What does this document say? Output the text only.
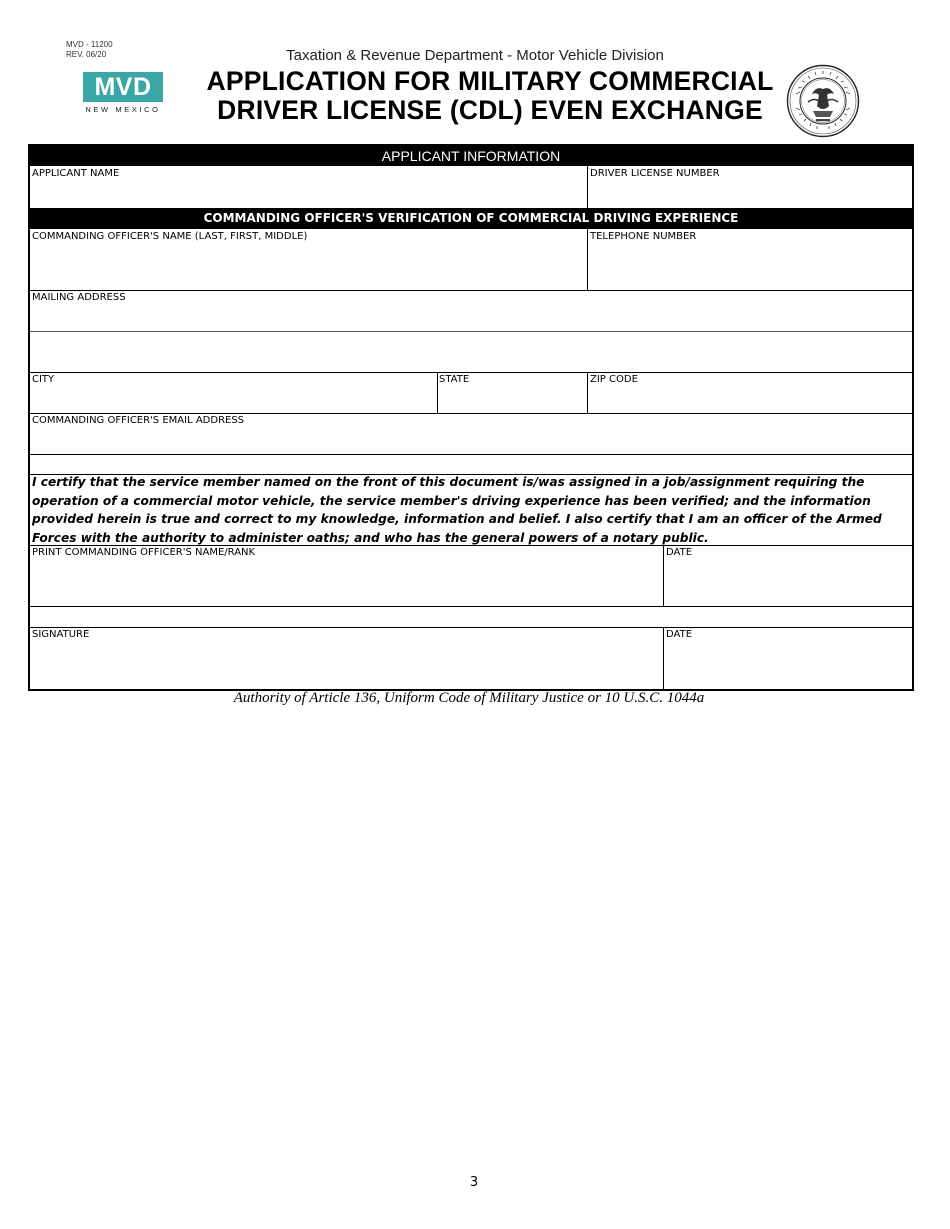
MVD - 11200
REV. 06/20
MVD
NEW MEXICO
Taxation & Revenue Department - Motor Vehicle Division
APPLICATION FOR MILITARY COMMERCIAL
DRIVER LICENSE (CDL) EVEN EXCHANGE
APPLICANT INFORMATION
APPLICANT NAME	DRIVER LICENSE NUMBER
COMMANDING OFFICER'S VERIFICATION OF COMMERCIAL DRIVING EXPERIENCE
COMMANDING OFFICER'S NAME (LAST, FIRST, MIDDLE)	TELEPHONE NUMBER
MAILING ADDRESS
CITY	STATE	ZIP CODE
COMMANDING OFFICER'S EMAIL ADDRESS
I certify that the service member named on the front of this document is/was assigned in a job/assignment requiring the operation of a commercial motor vehicle, the service member's driving experience has been verified; and the information provided herein is true and correct to my knowledge, information and belief. I also certify that I am an officer of the Armed Forces with the authority to administer oaths; and who has the general powers of a notary public.
PRINT COMMANDING OFFICER'S NAME/RANK	DATE
SIGNATURE	DATE
Authority of Article 136, Uniform Code of Military Justice or 10 U.S.C. 1044a
3
